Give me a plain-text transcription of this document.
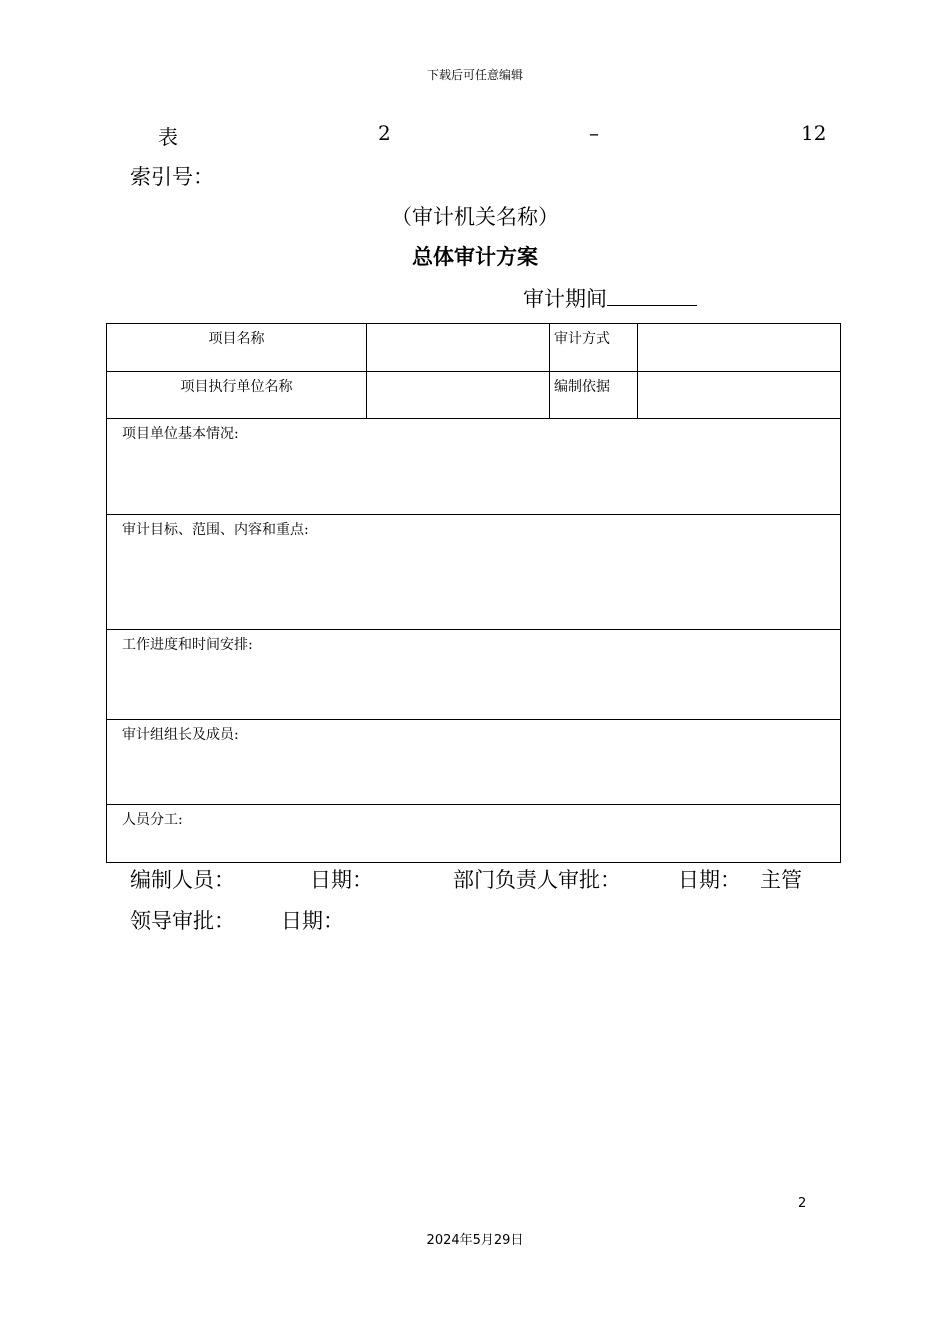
下载后可任意编辑
表	2	–	12
索引号：
（审计机关名称）
总体审计方案
审计期间
项目名称		审计方式	
项目执行单位名称		编制依据	
项目单位基本情况:			
审计目标、范围、内容和重点:			
工作进度和时间安排:			
审计组组长及成员:			
人员分工:			
编制人员：	日期：	部门负责人审批：	日期： 主管
领导审批： 日期：
2
2024年5月29日
